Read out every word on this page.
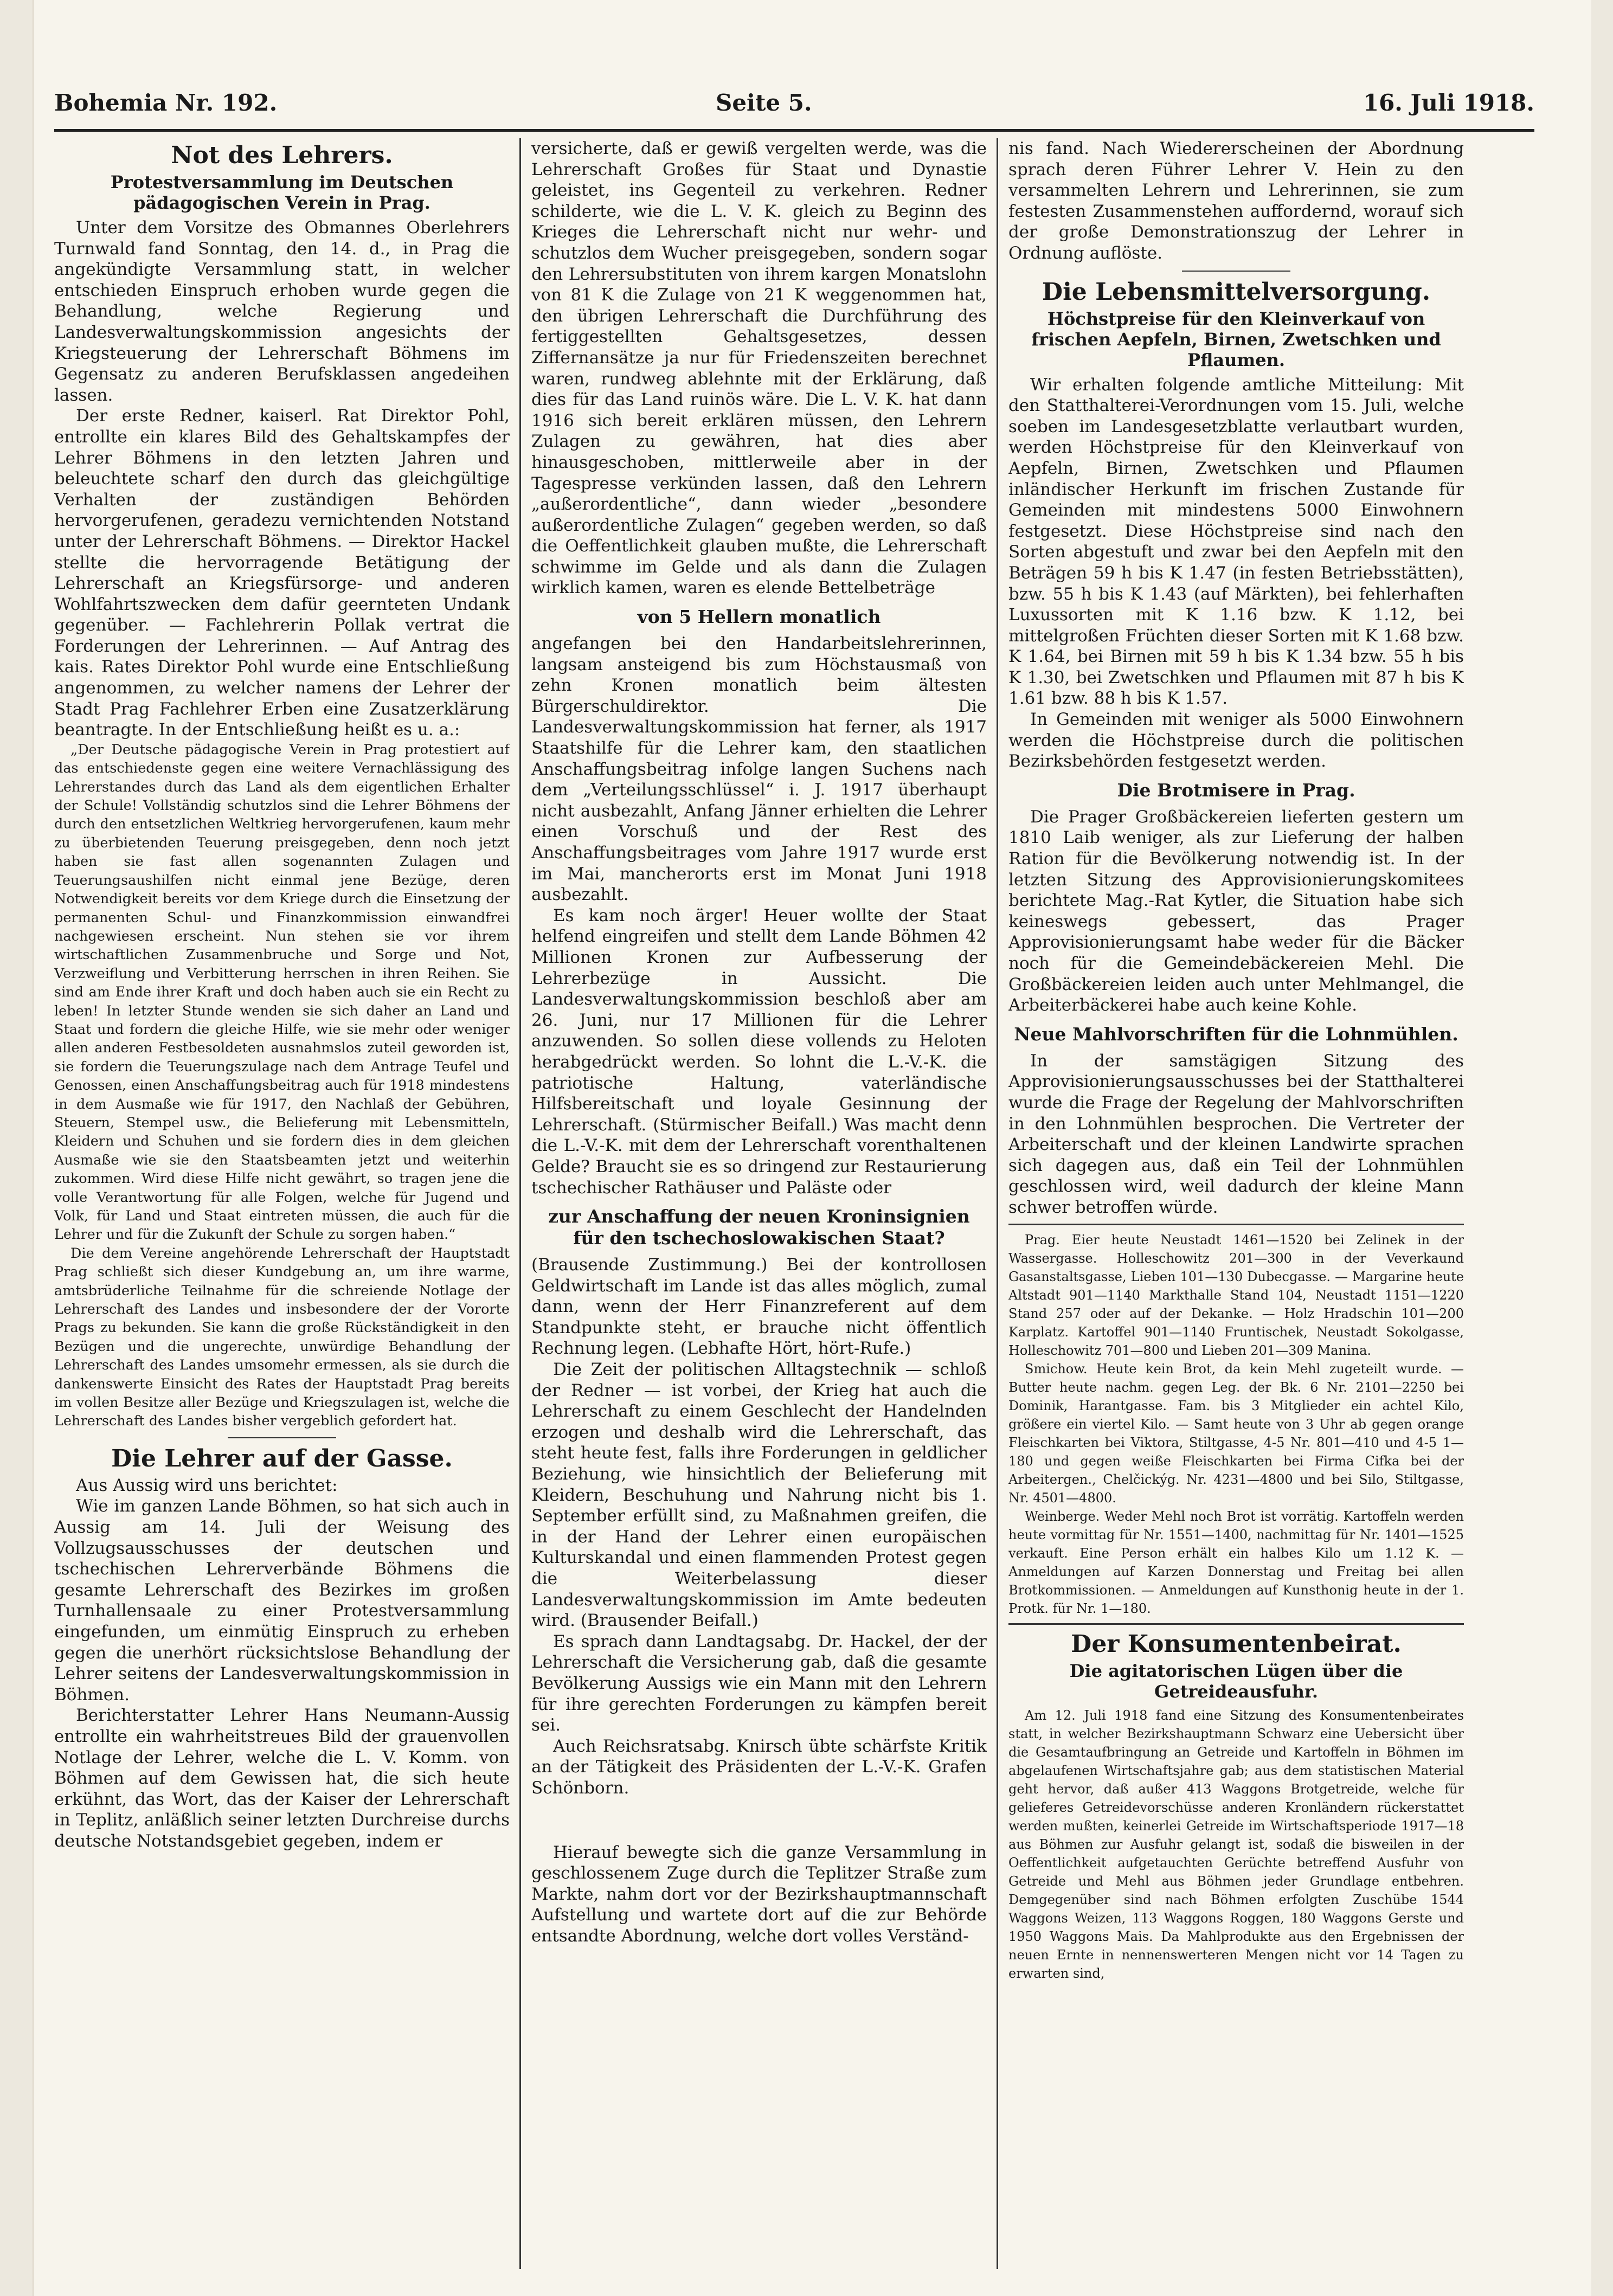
Bohemia Nr. 192.	Seite 5.	16. Juli 1918.
Not des Lehrers.
Protestversammlung im Deutschen pädagogischen Verein in Prag.

Unter dem Vorsitze des Obmannes Oberlehrers Turnwald fand Sonntag, den 14. d., in Prag die angekündigte Versammlung statt, in welcher entschieden Einspruch erhoben wurde gegen die Behandlung, welche Regierung und Landesverwaltungskommission angesichts der Kriegsteuerung der Lehrerschaft Böhmens im Gegensatz zu anderen Berufsklassen angedeihen lassen.

Der erste Redner, kaiserl. Rat Direktor Pohl, entrollte ein klares Bild des Gehaltskampfes der Lehrer Böhmens in den letzten Jahren und beleuchtete scharf den durch das gleichgültige Verhalten der zuständigen Behörden hervorgerufenen, geradezu vernichtenden Notstand unter der Lehrerschaft Böhmens. — Direktor Hackel stellte die hervorragende Betätigung der Lehrerschaft an Kriegsfürsorge- und anderen Wohlfahrtszwecken dem dafür geernteten Undank gegenüber. — Fachlehrerin Pollak vertrat die Forderungen der Lehrerinnen. — Auf Antrag des kais. Rates Direktor Pohl wurde eine Entschließung angenommen, zu welcher namens der Lehrer der Stadt Prag Fachlehrer Erben eine Zusatzerklärung beantragte. In der Entschließung heißt es u. a.:

„Der Deutsche pädagogische Verein in Prag protestiert auf das entschiedenste gegen eine weitere Vernachlässigung des Lehrerstandes durch das Land als dem eigentlichen Erhalter der Schule! Vollständig schutzlos sind die Lehrer Böhmens der durch den entsetzlichen Weltkrieg hervorgerufenen, kaum mehr zu überbietenden Teuerung preisgegeben, denn noch jetzt haben sie fast allen sogenannten Zulagen und Teuerungsaushilfen nicht einmal jene Bezüge, deren Notwendigkeit bereits vor dem Kriege durch die Einsetzung der permanenten Schul- und Finanzkommission einwandfrei nachgewiesen erscheint. Nun stehen sie vor ihrem wirtschaftlichen Zusammenbruche und Sorge und Not, Verzweiflung und Verbitterung herrschen in ihren Reihen. Sie sind am Ende ihrer Kraft und doch haben auch sie ein Recht zu leben! In letzter Stunde wenden sie sich daher an Land und Staat und fordern die gleiche Hilfe, wie sie mehr oder weniger allen anderen Festbesoldeten ausnahmslos zuteil geworden ist, sie fordern die Teuerungszulage nach dem Antrage Teufel und Genossen, einen Anschaffungsbeitrag auch für 1918 mindestens in dem Ausmaße wie für 1917, den Nachlaß der Gebühren, Steuern, Stempel usw., die Belieferung mit Lebensmitteln, Kleidern und Schuhen und sie fordern dies in dem gleichen Ausmaße wie sie den Staatsbeamten jetzt und weiterhin zukommen. Wird diese Hilfe nicht gewährt, so tragen jene die volle Verantwortung für alle Folgen, welche für Jugend und Volk, für Land und Staat eintreten müssen, die auch für die Lehrer und für die Zukunft der Schule zu sorgen haben.“

Die dem Vereine angehörende Lehrerschaft der Hauptstadt Prag schließt sich dieser Kundgebung an, um ihre warme, amtsbrüderliche Teilnahme für die schreiende Notlage der Lehrerschaft des Landes und insbesondere der der Vororte Prags zu bekunden. Sie kann die große Rückständigkeit in den Bezügen und die ungerechte, unwürdige Behandlung der Lehrerschaft des Landes umsomehr ermessen, als sie durch die dankenswerte Einsicht des Rates der Hauptstadt Prag bereits im vollen Besitze aller Bezüge und Kriegszulagen ist, welche die Lehrerschaft des Landes bisher vergeblich gefordert hat.

Die Lehrer auf der Gasse.

Aus Aussig wird uns berichtet:

Wie im ganzen Lande Böhmen, so hat sich auch in Aussig am 14. Juli der Weisung des Vollzugsausschusses der deutschen und tschechischen Lehrerverbände Böhmens die gesamte Lehrerschaft des Bezirkes im großen Turnhallensaale zu einer Protestversammlung eingefunden, um einmütig Einspruch zu erheben gegen die unerhört rücksichtslose Behandlung der Lehrer seitens der Landesverwaltungskommission in Böhmen.

Berichterstatter Lehrer Hans Neumann-Aussig entrollte ein wahrheitstreues Bild der grauenvollen Notlage der Lehrer, welche die L. V. Komm. von Böhmen auf dem Gewissen hat, die sich heute erkühnt, das Wort, das der Kaiser der Lehrerschaft in Teplitz, anläßlich seiner letzten Durchreise durchs deutsche Notstandsgebiet gegeben, indem er

versicherte, daß er gewiß vergelten werde, was die Lehrerschaft Großes für Staat und Dynastie geleistet, ins Gegenteil zu verkehren. Redner schilderte, wie die L. V. K. gleich zu Beginn des Krieges die Lehrerschaft nicht nur wehr- und schutzlos dem Wucher preisgegeben, sondern sogar den Lehrersubstituten von ihrem kargen Monatslohn von 81 K die Zulage von 21 K weggenommen hat, den übrigen Lehrerschaft die Durchführung des fertiggestellten Gehaltsgesetzes, dessen Ziffernansätze ja nur für Friedenszeiten berechnet waren, rundweg ablehnte mit der Erklärung, daß dies für das Land ruinös wäre. Die L. V. K. hat dann 1916 sich bereit erklären müssen, den Lehrern Zulagen zu gewähren, hat dies aber hinausgeschoben, mittlerweile aber in der Tagespresse verkünden lassen, daß den Lehrern „außerordentliche“, dann wieder „besondere außerordentliche Zulagen“ gegeben werden, so daß die Oeffentlichkeit glauben mußte, die Lehrerschaft schwimme im Gelde und als dann die Zulagen wirklich kamen, waren es elende Bettelbeträge

von 5 Hellern monatlich

angefangen bei den Handarbeitslehrerinnen, langsam ansteigend bis zum Höchstausmaß von zehn Kronen monatlich beim ältesten Bürgerschuldirektor. Die Landesverwaltungskommission hat ferner, als 1917 Staatshilfe für die Lehrer kam, den staatlichen Anschaffungsbeitrag infolge langen Suchens nach dem „Verteilungsschlüssel“ i. J. 1917 überhaupt nicht ausbezahlt, Anfang Jänner erhielten die Lehrer einen Vorschuß und der Rest des Anschaffungsbeitrages vom Jahre 1917 wurde erst im Mai, mancherorts erst im Monat Juni 1918 ausbezahlt.

Es kam noch ärger! Heuer wollte der Staat helfend eingreifen und stellt dem Lande Böhmen 42 Millionen Kronen zur Aufbesserung der Lehrerbezüge in Aussicht. Die Landesverwaltungskommission beschloß aber am 26. Juni, nur 17 Millionen für die Lehrer anzuwenden. So sollen diese vollends zu Heloten herabgedrückt werden. So lohnt die L.-V.-K. die patriotische Haltung, vaterländische Hilfsbereitschaft und loyale Gesinnung der Lehrerschaft. (Stürmischer Beifall.) Was macht denn die L.-V.-K. mit dem der Lehrerschaft vorenthaltenen Gelde? Braucht sie es so dringend zur Restaurierung tschechischer Rathäuser und Paläste oder

zur Anschaffung der neuen Kroninsignien für den tschechoslowakischen Staat?

(Brausende Zustimmung.) Bei der kontrollosen Geldwirtschaft im Lande ist das alles möglich, zumal dann, wenn der Herr Finanzreferent auf dem Standpunkte steht, er brauche nicht öffentlich Rechnung legen. (Lebhafte Hört, hört-Rufe.)

Die Zeit der politischen Alltagstechnik — schloß der Redner — ist vorbei, der Krieg hat auch die Lehrerschaft zu einem Geschlecht der Handelnden erzogen und deshalb wird die Lehrerschaft, das steht heute fest, falls ihre Forderungen in geldlicher Beziehung, wie hinsichtlich der Belieferung mit Kleidern, Beschuhung und Nahrung nicht bis 1. September erfüllt sind, zu Maßnahmen greifen, die in der Hand der Lehrer einen europäischen Kulturskandal und einen flammenden Protest gegen die Weiterbelassung dieser Landesverwaltungskommission im Amte bedeuten wird. (Brausender Beifall.)

Es sprach dann Landtagsabg. Dr. Hackel, der der Lehrerschaft die Versicherung gab, daß die gesamte Bevölkerung Aussigs wie ein Mann mit den Lehrern für ihre gerechten Forderungen zu kämpfen bereit sei.

Auch Reichsratsabg. Knirsch übte schärfste Kritik an der Tätigkeit des Präsidenten der L.-V.-K. Grafen Schönborn.

Hierauf bewegte sich die ganze Versammlung in geschlossenem Zuge durch die Teplitzer Straße zum Markte, nahm dort vor der Bezirkshauptmannschaft Aufstellung und wartete dort auf die zur Behörde entsandte Abordnung, welche dort volles Verständ-

nis fand. Nach Wiedererscheinen der Abordnung sprach deren Führer Lehrer V. Hein zu den versammelten Lehrern und Lehrerinnen, sie zum festesten Zusammenstehen auffordernd, worauf sich der große Demonstrationszug der Lehrer in Ordnung auflöste.

Die Lebensmittelversorgung.
Höchstpreise für den Kleinverkauf von frischen Aepfeln, Birnen, Zwetschken und Pflaumen.

Wir erhalten folgende amtliche Mitteilung: Mit den Statthalterei-Verordnungen vom 15. Juli, welche soeben im Landesgesetzblatte verlautbart wurden, werden Höchstpreise für den Kleinverkauf von Aepfeln, Birnen, Zwetschken und Pflaumen inländischer Herkunft im frischen Zustande für Gemeinden mit mindestens 5000 Einwohnern festgesetzt. Diese Höchstpreise sind nach den Sorten abgestuft und zwar bei den Aepfeln mit den Beträgen 59 h bis K 1.47 (in festen Betriebsstätten), bzw. 55 h bis K 1.43 (auf Märkten), bei fehlerhaften Luxussorten mit K 1.16 bzw. K 1.12, bei mittelgroßen Früchten dieser Sorten mit K 1.68 bzw. K 1.64, bei Birnen mit 59 h bis K 1.34 bzw. 55 h bis K 1.30, bei Zwetschken und Pflaumen mit 87 h bis K 1.61 bzw. 88 h bis K 1.57.

In Gemeinden mit weniger als 5000 Einwohnern werden die Höchstpreise durch die politischen Bezirksbehörden festgesetzt werden.

Die Brotmisere in Prag.

Die Prager Großbäckereien lieferten gestern um 1810 Laib weniger, als zur Lieferung der halben Ration für die Bevölkerung notwendig ist. In der letzten Sitzung des Approvisionierungskomitees berichtete Mag.-Rat Kytler, die Situation habe sich keineswegs gebessert, das Prager Approvisionierungsamt habe weder für die Bäcker noch für die Gemeindebäckereien Mehl. Die Großbäckereien leiden auch unter Mehlmangel, die Arbeiterbäckerei habe auch keine Kohle.

Neue Mahlvorschriften für die Lohnmühlen.

In der samstägigen Sitzung des Approvisionierungsausschusses bei der Statthalterei wurde die Frage der Regelung der Mahlvorschriften in den Lohnmühlen besprochen. Die Vertreter der Arbeiterschaft und der kleinen Landwirte sprachen sich dagegen aus, daß ein Teil der Lohnmühlen geschlossen wird, weil dadurch der kleine Mann schwer betroffen würde.

Prag. Eier heute Neustadt 1461—1520 bei Zelinek in der Wassergasse. Holleschowitz 201—300 in der Veverkaund Gasanstaltsgasse, Lieben 101—130 Dubecgasse. — Margarine heute Altstadt 901—1140 Markthalle Stand 104, Neustadt 1151—1220 Stand 257 oder auf der Dekanke. — Holz Hradschin 101—200 Karplatz. Kartoffel 901—1140 Fruntischek, Neustadt Sokolgasse, Holleschowitz 701—800 und Lieben 201—309 Manina.

Smichow. Heute kein Brot, da kein Mehl zugeteilt wurde. — Butter heute nachm. gegen Leg. der Bk. 6 Nr. 2101—2250 bei Dominik, Harantgasse. Fam. bis 3 Mitglieder ein achtel Kilo, größere ein viertel Kilo. — Samt heute von 3 Uhr ab gegen orange Fleischkarten bei Viktora, Stiltgasse, 4-5 Nr. 801—410 und 4-5 1—180 und gegen weiße Fleischkarten bei Firma Cifka bei der Arbeitergen., Chelčickýg. Nr. 4231—4800 und bei Silo, Stiltgasse, Nr. 4501—4800.

Weinberge. Weder Mehl noch Brot ist vorrätig. Kartoffeln werden heute vormittag für Nr. 1551—1400, nachmittag für Nr. 1401—1525 verkauft. Eine Person erhält ein halbes Kilo um 1.12 K. — Anmeldungen auf Karzen Donnerstag und Freitag bei allen Brotkommissionen. — Anmeldungen auf Kunsthonig heute in der 1. Protk. für Nr. 1—180.

Der Konsumentenbeirat.
Die agitatorischen Lügen über die Getreideausfuhr.

Am 12. Juli 1918 fand eine Sitzung des Konsumentenbeirates statt, in welcher Bezirkshauptmann Schwarz eine Uebersicht über die Gesamtaufbringung an Getreide und Kartoffeln in Böhmen im abgelaufenen Wirtschaftsjahre gab; aus dem statistischen Material geht hervor, daß außer 413 Waggons Brotgetreide, welche für gelieferes Getreidevorschüsse anderen Kronländern rückerstattet werden mußten, keinerlei Getreide im Wirtschaftsperiode 1917—18 aus Böhmen zur Ausfuhr gelangt ist, sodaß die bisweilen in der Oeffentlichkeit aufgetauchten Gerüchte betreffend Ausfuhr von Getreide und Mehl aus Böhmen jeder Grundlage entbehren. Demgegenüber sind nach Böhmen erfolgten Zuschübe 1544 Waggons Weizen, 113 Waggons Roggen, 180 Waggons Gerste und 1950 Waggons Mais. Da Mahlprodukte aus den Ergebnissen der neuen Ernte in nennenswerteren Mengen nicht vor 14 Tagen zu erwarten sind,
